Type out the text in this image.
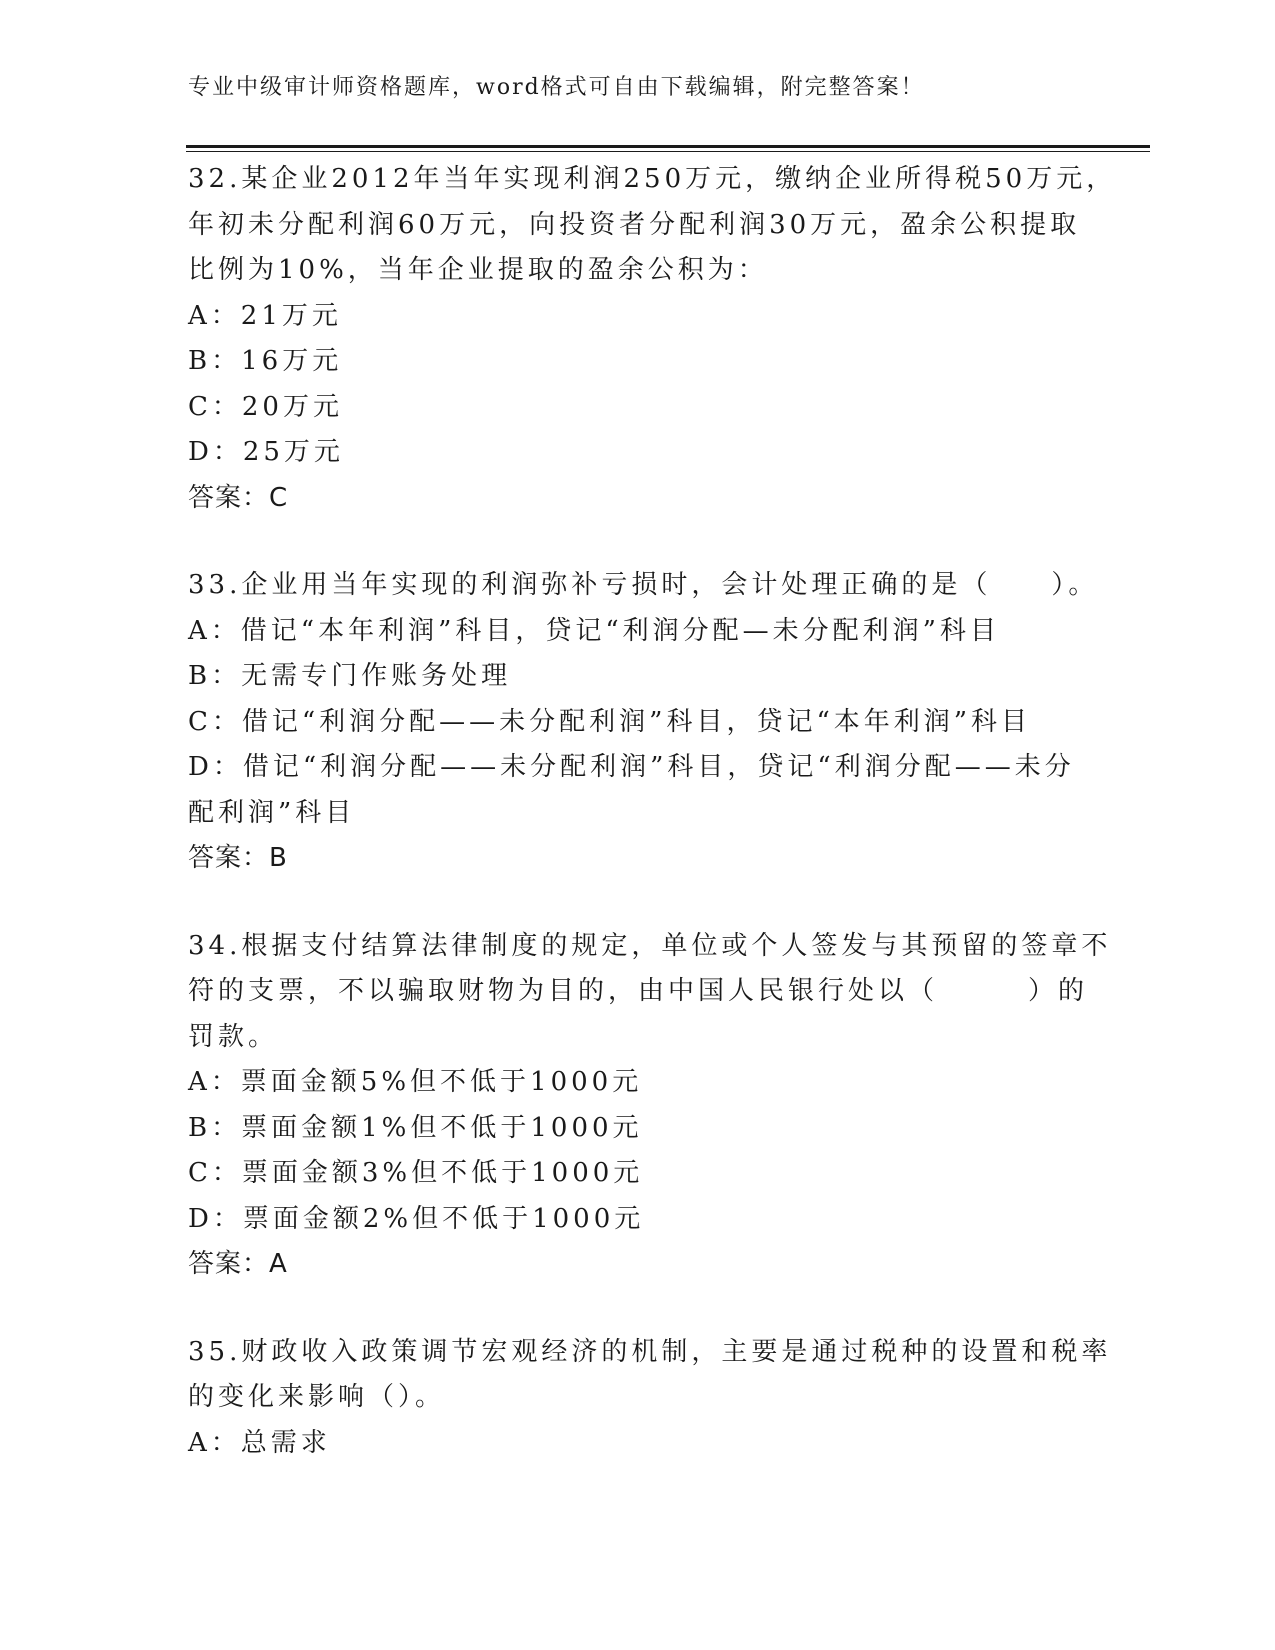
专业中级审计师资格题库，word格式可自由下载编辑，附完整答案！
32.某企业2012年当年实现利润250万元，缴纳企业所得税50万元，
年初未分配利润60万元，向投资者分配利润30万元，盈余公积提取
比例为10%，当年企业提取的盈余公积为：
A：21万元
B：16万元
C：20万元
D：25万元
答案：C
33.企业用当年实现的利润弥补亏损时，会计处理正确的是（　　）。
A：借记“本年利润”科目，贷记“利润分配—未分配利润”科目
B：无需专门作账务处理
C：借记“利润分配——未分配利润”科目，贷记“本年利润”科目
D：借记“利润分配——未分配利润”科目，贷记“利润分配——未分
配利润”科目
答案：B
34.根据支付结算法律制度的规定，单位或个人签发与其预留的签章不
符的支票，不以骗取财物为目的，由中国人民银行处以（　　　）的
罚款。
A：票面金额5%但不低于1000元
B：票面金额1%但不低于1000元
C：票面金额3%但不低于1000元
D：票面金额2%但不低于1000元
答案：A
35.财政收入政策调节宏观经济的机制，主要是通过税种的设置和税率
的变化来影响（）。
A：总需求
